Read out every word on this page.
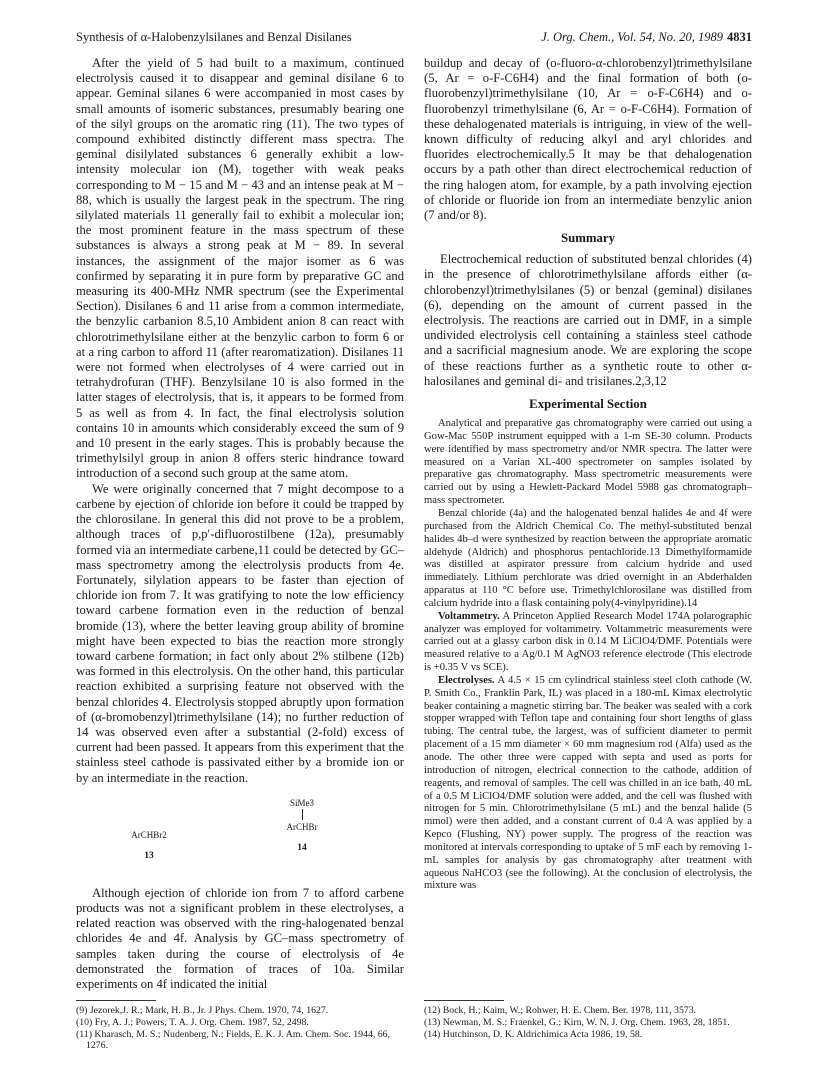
Synthesis of α-Halobenzylsilanes and Benzal Disilanes	J. Org. Chem., Vol. 54, No. 20, 1989 4831

After the yield of 5 had built to a maximum, continued electrolysis caused it to disappear and geminal disilane 6 to appear. Geminal silanes 6 were accompanied in most cases by small amounts of isomeric substances, presumably bearing one of the silyl groups on the aromatic ring (11). The two types of compound exhibited distinctly different mass spectra. The geminal disilylated substances 6 generally exhibit a low-intensity molecular ion (M), together with weak peaks corresponding to M − 15 and M − 43 and an intense peak at M − 88, which is usually the largest peak in the spectrum. The ring silylated materials 11 generally fail to exhibit a molecular ion; the most prominent feature in the mass spectrum of these substances is always a strong peak at M − 89. In several instances, the assignment of the major isomer as 6 was confirmed by separating it in pure form by preparative GC and measuring its 400-MHz NMR spectrum (see the Experimental Section). Disilanes 6 and 11 arise from a common intermediate, the benzylic carbanion 8.5,10 Ambident anion 8 can react with chlorotrimethylsilane either at the benzylic carbon to form 6 or at a ring carbon to afford 11 (after rearomatization). Disilanes 11 were not formed when electrolyses of 4 were carried out in tetrahydrofuran (THF). Benzylsilane 10 is also formed in the latter stages of electrolysis, that is, it appears to be formed from 5 as well as from 4. In fact, the final electrolysis solution contains 10 in amounts which considerably exceed the sum of 9 and 10 present in the early stages. This is probably because the trimethylsilyl group in anion 8 offers steric hindrance toward introduction of a second such group at the same atom.

We were originally concerned that 7 might decompose to a carbene by ejection of chloride ion before it could be trapped by the chlorosilane. In general this did not prove to be a problem, although traces of p,p′-difluorostilbene (12a), presumably formed via an intermediate carbene,11 could be detected by GC–mass spectrometry among the electrolysis products from 4e. Fortunately, silylation appears to be faster than ejection of chloride ion from 7. It was gratifying to note the low efficiency toward carbene formation even in the reduction of benzal bromide (13), where the better leaving group ability of bromine might have been expected to bias the reaction more strongly toward carbene formation; in fact only about 2% stilbene (12b) was formed in this electrolysis. On the other hand, this particular reaction exhibited a surprising feature not observed with the benzal chlorides 4. Electrolysis stopped abruptly upon formation of (α-bromobenzyl)trimethylsilane (14); no further reduction of 14 was observed even after a substantial (2-fold) excess of current had been passed. It appears from this experiment that the stainless steel cathode is passivated either by a bromide ion or by an intermediate in the reaction.

ArCHBr2
13
SiMe3
ArCHBr
14

Although ejection of chloride ion from 7 to afford carbene products was not a significant problem in these electrolyses, a related reaction was observed with the ring-halogenated benzal chlorides 4e and 4f. Analysis by GC–mass spectrometry of samples taken during the course of electrolysis of 4e demonstrated the formation of traces of 10a. Similar experiments on 4f indicated the initial

buildup and decay of (o-fluoro-α-chlorobenzyl)trimethylsilane (5, Ar = o-F-C6H4) and the final formation of both (o-fluorobenzyl)trimethylsilane (10, Ar = o-F-C6H4) and o-fluorobenzyl trimethylsilane (6, Ar = o-F-C6H4). Formation of these dehalogenated materials is intriguing, in view of the well-known difficulty of reducing alkyl and aryl chlorides and fluorides electrochemically.5 It may be that dehalogenation occurs by a path other than direct electrochemical reduction of the ring halogen atom, for example, by a path involving ejection of chloride or fluoride ion from an intermediate benzylic anion (7 and/or 8).

Summary

Electrochemical reduction of substituted benzal chlorides (4) in the presence of chlorotrimethylsilane affords either (α-chlorobenzyl)trimethylsilanes (5) or benzal (geminal) disilanes (6), depending on the amount of current passed in the electrolysis. The reactions are carried out in DMF, in a simple undivided electrolysis cell containing a stainless steel cathode and a sacrificial magnesium anode. We are exploring the scope of these reactions further as a synthetic route to other α-halosilanes and geminal di- and trisilanes.2,3,12

Experimental Section

Analytical and preparative gas chromatography were carried out using a Gow-Mac 550P instrument equipped with a 1-m SE-30 column. Products were identified by mass spectrometry and/or NMR spectra. The latter were measured on a Varian XL-400 spectrometer on samples isolated by preparative gas chromatography. Mass spectrometric measurements were carried out by using a Hewlett-Packard Model 5988 gas chromatograph–mass spectrometer.

Benzal chloride (4a) and the halogenated benzal halides 4e and 4f were purchased from the Aldrich Chemical Co. The methyl-substituted benzal halides 4b–d were synthesized by reaction between the appropriate aromatic aldehyde (Aldrich) and phosphorus pentachloride.13 Dimethylformamide was distilled at aspirator pressure from calcium hydride and used immediately. Lithium perchlorate was dried overnight in an Abderhalden apparatus at 110 °C before use. Trimethylchlorosilane was distilled from calcium hydride into a flask containing poly(4-vinylpyridine).14

Voltammetry. A Princeton Applied Research Model 174A polarographic analyzer was employed for voltammetry. Voltammetric measurements were carried out at a glassy carbon disk in 0.14 M LiClO4/DMF. Potentials were measured relative to a Ag/0.1 M AgNO3 reference electrode (This electrode is +0.35 V vs SCE).

Electrolyses. A 4.5 × 15 cm cylindrical stainless steel cloth cathode (W. P. Smith Co., Franklin Park, IL) was placed in a 180-mL Kimax electrolytic beaker containing a magnetic stirring bar. The beaker was sealed with a cork stopper wrapped with Teflon tape and containing four short lengths of glass tubing. The central tube, the largest, was of sufficient diameter to permit placement of a 15 mm diameter × 60 mm magnesium rod (Alfa) used as the anode. The other three were capped with septa and used as ports for introduction of nitrogen, electrical connection to the cathode, addition of reagents, and removal of samples. The cell was chilled in an ice bath, 40 mL of a 0.5 M LiClO4/DMF solution were added, and the cell was flushed with nitrogen for 5 min. Chlorotrimethylsilane (5 mL) and the benzal halide (5 mmol) were then added, and a constant current of 0.4 A was applied by a Kepco (Flushing, NY) power supply. The progress of the reaction was monitored at intervals corresponding to uptake of 5 mF each by removing 1-mL samples for analysis by gas chromatography after treatment with aqueous NaHCO3 (see the following). At the conclusion of electrolysis, the mixture was

(9) Jezorek,J. R.; Mark, H. B., Jr. J Phys. Chem. 1970, 74, 1627.
(10) Fry, A. J.; Powers, T. A. J. Org. Chem. 1987, 52, 2498.
(11) Kharasch, M. S.; Nudenberg, N.; Fields, E. K. J. Am. Chem. Soc. 1944, 66, 1276.
(12) Bock, H.; Kaim, W.; Rohwer, H. E. Chem. Ber. 1978, 111, 3573.
(13) Newman, M. S.; Fraenkel, G.; Kirn, W. N. J. Org. Chem. 1963, 28, 1851.
(14) Hutchinson, D. K. Aldrichimica Acta 1986, 19, 58.
